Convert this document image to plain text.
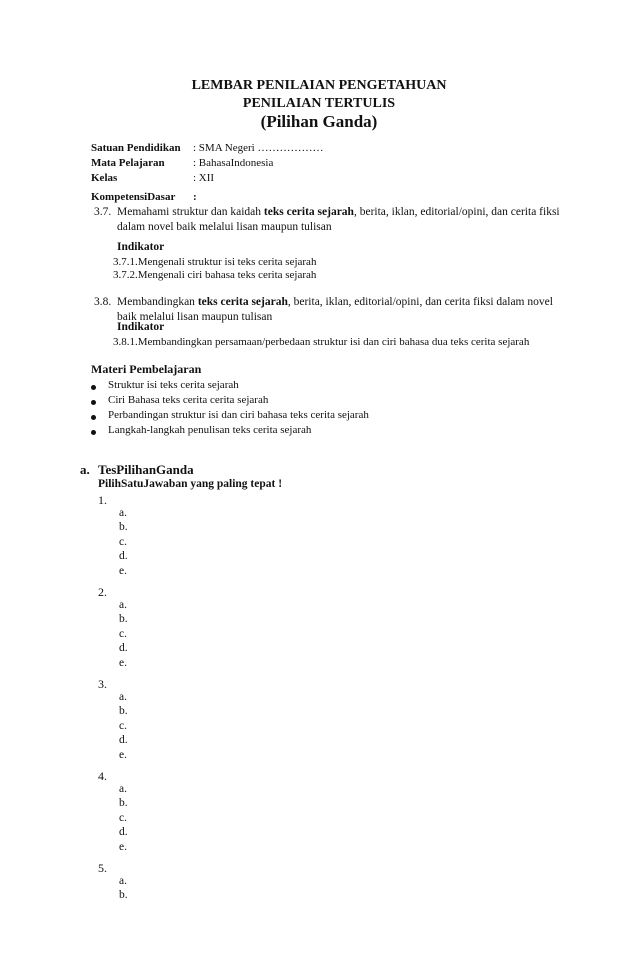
LEMBAR PENILAIAN PENGETAHUAN
PENILAIAN TERTULIS
(Pilihan Ganda)
Satuan Pendidikan : SMA Negeri ………………
Mata Pelajaran	: BahasaIndonesia
Kelas	: XII
KompetensiDasar :
3.7. Memahami struktur dan kaidah teks cerita sejarah, berita, iklan, editorial/opini, dan cerita fiksi dalam novel baik melalui lisan maupun tulisan
Indikator
3.7.1.Mengenali struktur isi teks cerita sejarah
3.7.2.Mengenali ciri bahasa teks cerita sejarah
3.8. Membandingkan teks cerita sejarah, berita, iklan, editorial/opini, dan cerita fiksi dalam novel baik melalui lisan maupun tulisan
Indikator
3.8.1.Membandingkan persamaan/perbedaan struktur isi dan ciri bahasa dua teks cerita sejarah
Materi Pembelajaran
Struktur isi teks cerita sejarah
Ciri Bahasa teks cerita cerita sejarah
Perbandingan struktur isi dan ciri bahasa teks cerita sejarah
Langkah-langkah penulisan teks cerita sejarah
a. TesPilihanGanda
PilihSatuJawaban yang paling tepat !
1.
a.
b.
c.
d.
e.
2.
a.
b.
c.
d.
e.
3.
a.
b.
c.
d.
e.
4.
a.
b.
c.
d.
e.
5.
a.
b.
